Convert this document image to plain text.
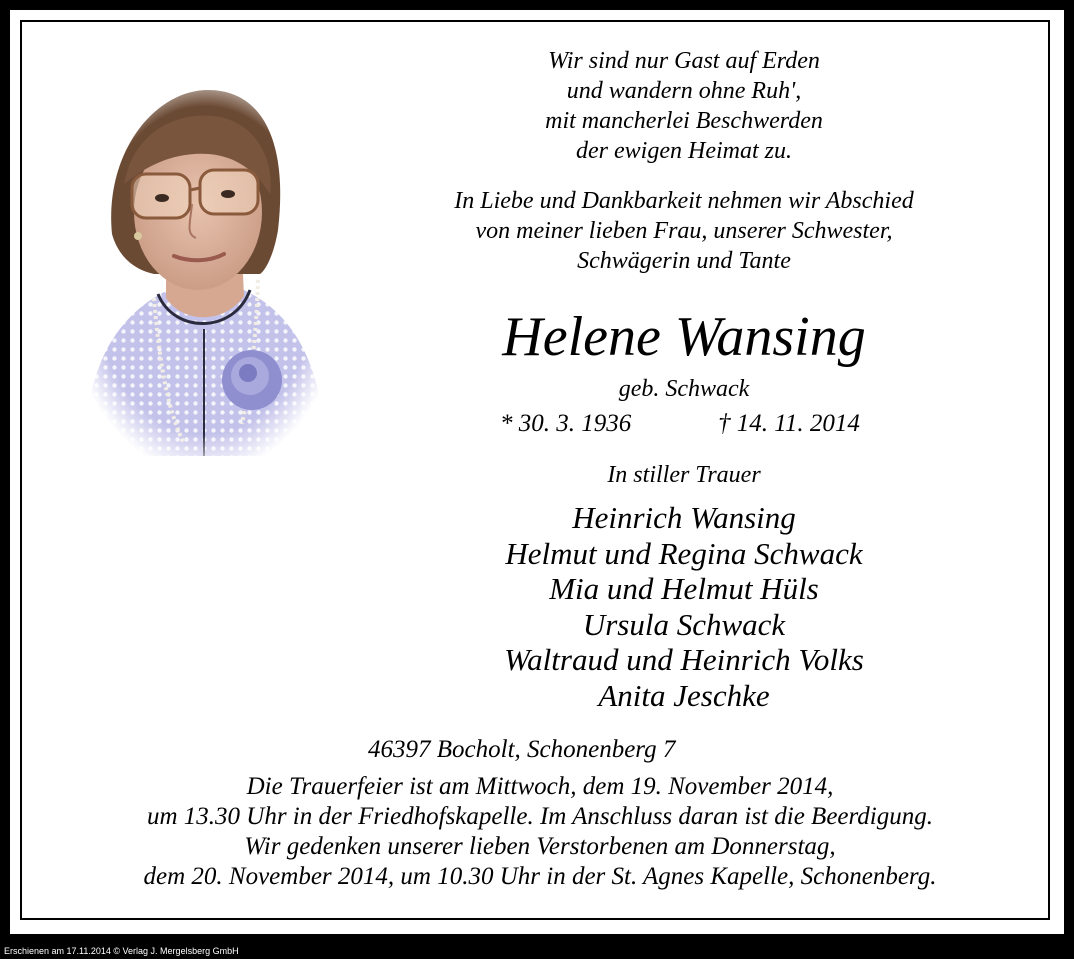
Wir sind nur Gast auf Erden
und wandern ohne Ruh',
mit mancherlei Beschwerden
der ewigen Heimat zu.
In Liebe und Dankbarkeit nehmen wir Abschied
von meiner lieben Frau, unserer Schwester,
Schwägerin und Tante
Helene Wansing
geb. Schwack
* 30. 3. 1936	† 14. 11. 2014
In stiller Trauer
Heinrich Wansing
Helmut und Regina Schwack
Mia und Helmut Hüls
Ursula Schwack
Waltraud und Heinrich Volks
Anita Jeschke
46397 Bocholt, Schonenberg 7
Die Trauerfeier ist am Mittwoch, dem 19. November 2014,
um 13.30 Uhr in der Friedhofskapelle. Im Anschluss daran ist die Beerdigung.
Wir gedenken unserer lieben Verstorbenen am Donnerstag,
dem 20. November 2014, um 10.30 Uhr in der St. Agnes Kapelle, Schonenberg.
Erschienen am 17.11.2014 © Verlag J. Mergelsberg GmbH
